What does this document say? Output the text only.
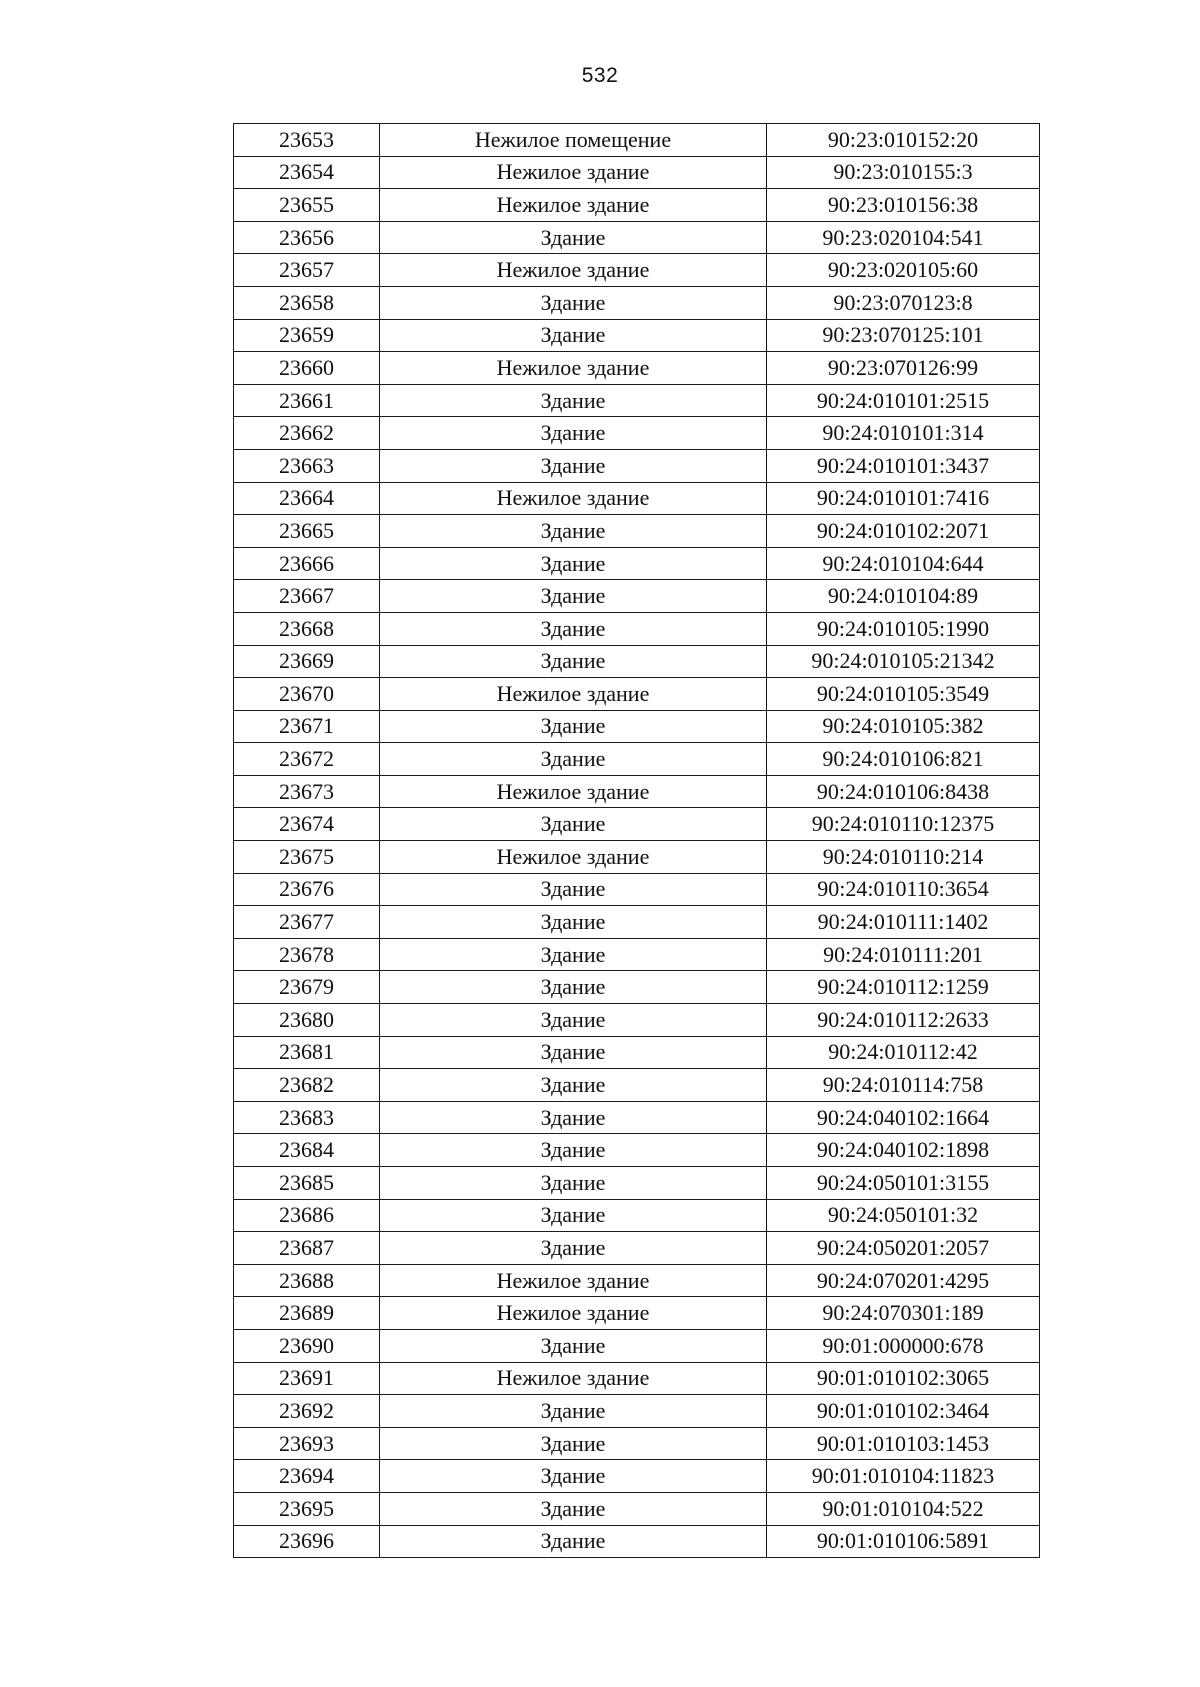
532
23653	Нежилое помещение	90:23:010152:20
23654	Нежилое здание	90:23:010155:3
23655	Нежилое здание	90:23:010156:38
23656	Здание	90:23:020104:541
23657	Нежилое здание	90:23:020105:60
23658	Здание	90:23:070123:8
23659	Здание	90:23:070125:101
23660	Нежилое здание	90:23:070126:99
23661	Здание	90:24:010101:2515
23662	Здание	90:24:010101:314
23663	Здание	90:24:010101:3437
23664	Нежилое здание	90:24:010101:7416
23665	Здание	90:24:010102:2071
23666	Здание	90:24:010104:644
23667	Здание	90:24:010104:89
23668	Здание	90:24:010105:1990
23669	Здание	90:24:010105:21342
23670	Нежилое здание	90:24:010105:3549
23671	Здание	90:24:010105:382
23672	Здание	90:24:010106:821
23673	Нежилое здание	90:24:010106:8438
23674	Здание	90:24:010110:12375
23675	Нежилое здание	90:24:010110:214
23676	Здание	90:24:010110:3654
23677	Здание	90:24:010111:1402
23678	Здание	90:24:010111:201
23679	Здание	90:24:010112:1259
23680	Здание	90:24:010112:2633
23681	Здание	90:24:010112:42
23682	Здание	90:24:010114:758
23683	Здание	90:24:040102:1664
23684	Здание	90:24:040102:1898
23685	Здание	90:24:050101:3155
23686	Здание	90:24:050101:32
23687	Здание	90:24:050201:2057
23688	Нежилое здание	90:24:070201:4295
23689	Нежилое здание	90:24:070301:189
23690	Здание	90:01:000000:678
23691	Нежилое здание	90:01:010102:3065
23692	Здание	90:01:010102:3464
23693	Здание	90:01:010103:1453
23694	Здание	90:01:010104:11823
23695	Здание	90:01:010104:522
23696	Здание	90:01:010106:5891
